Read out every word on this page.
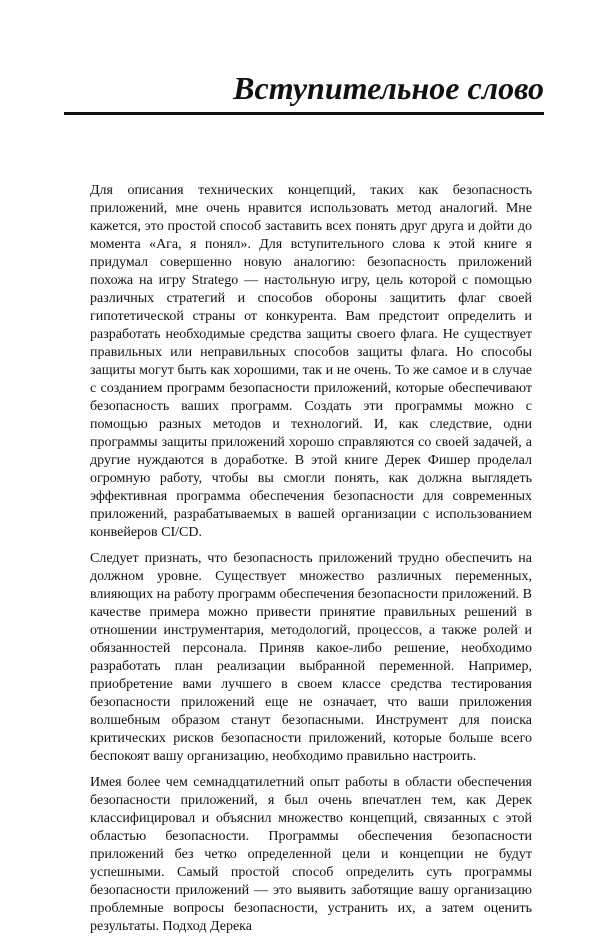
Вступительное слово

Для описания технических концепций, таких как безопасность приложений, мне очень нравится использовать метод аналогий. Мне кажется, это простой способ заставить всех понять друг друга и дойти до момента «Ага, я понял». Для вступительного слова к этой книге я придумал совершенно новую аналогию: безопасность приложений похожа на игру Stratego — настольную игру, цель которой с помощью различных стратегий и способов обороны защитить флаг своей гипотетической страны от конкурента. Вам предстоит определить и разработать необходимые средства защиты своего флага. Не существует правильных или неправильных способов защиты флага. Но способы защиты могут быть как хорошими, так и не очень. То же самое и в случае с созданием программ безопасности приложений, которые обеспечивают безопасность ваших программ. Создать эти программы можно с помощью разных методов и технологий. И, как следствие, одни программы защиты приложений хорошо справляются со своей задачей, а другие нуждаются в доработке. В этой книге Дерек Фишер проделал огромную работу, чтобы вы смогли понять, как должна выглядеть эффективная программа обеспечения безопасности для современных приложений, разрабатываемых в вашей организации с использованием конвейеров CI/CD.

Следует признать, что безопасность приложений трудно обеспечить на должном уровне. Существует множество различных переменных, влияющих на работу программ обеспечения безопасности приложений. В качестве примера можно привести принятие правильных решений в отношении инструментария, методологий, процессов, а также ролей и обязанностей персонала. Приняв какое-либо решение, необходимо разработать план реализации выбранной переменной. Например, приобретение вами лучшего в своем классе средства тестирования безопасности приложений еще не означает, что ваши приложения волшебным образом станут безопасными. Инструмент для поиска критических рисков безопасности приложений, которые больше всего беспокоят вашу организацию, необходимо правильно настроить.

Имея более чем семнадцатилетний опыт работы в области обеспечения безопасности приложений, я был очень впечатлен тем, как Дерек классифицировал и объяснил множество концепций, связанных с этой областью безопасности. Программы обеспечения безопасности приложений без четко определенной цели и концепции не будут успешными. Самый простой способ определить суть программы безопасности приложений — это выявить заботящие вашу организацию проблемные вопросы безопасности, устранить их, а затем оценить результаты. Подход Дерека
